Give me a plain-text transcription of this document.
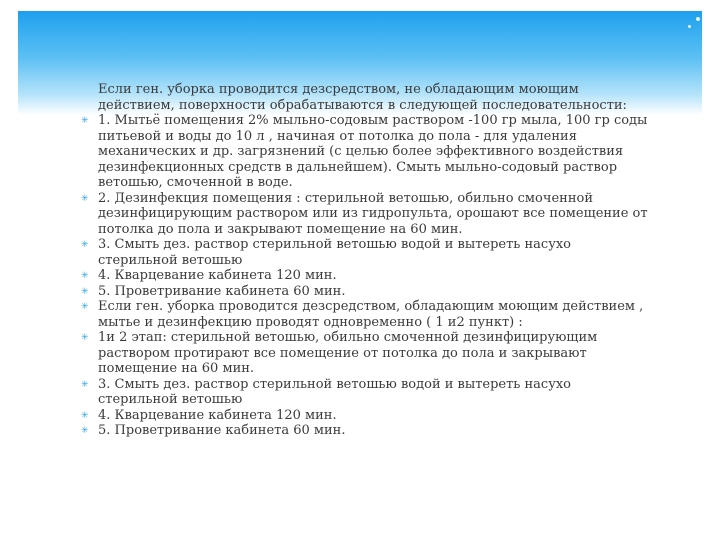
Если ген. уборка проводится дезсредством, не обладающим моющим действием, поверхности обрабатываются в следующей последовательности:
✳ 1. Мытьё помещения 2% мыльно-содовым раствором -100 гр мыла, 100 гр соды питьевой и воды до 10 л , начиная от потолка до пола - для удаления механических и др. загрязнений (с целью более эффективного воздействия дезинфекционных средств в дальнейшем). Смыть мыльно-содовый раствор ветошью, смоченной в воде.
✳ 2. Дезинфекция помещения : стерильной ветошью, обильно смоченной дезинфицирующим раствором или из гидропульта, орошают все помещение от потолка до пола и закрывают помещение на 60 мин.
✳ 3. Смыть дез. раствор стерильной ветошью водой и вытереть насухо стерильной ветошью
✳ 4. Кварцевание кабинета 120 мин.
✳ 5. Проветривание кабинета 60 мин.
✳ Если ген. уборка проводится дезсредством, обладающим моющим действием , мытье и дезинфекцию проводят одновременно ( 1 и2 пункт) :
✳ 1и 2 этап: стерильной ветошью, обильно смоченной дезинфицирующим раствором протирают все помещение от потолка до пола и закрывают помещение на 60 мин.
✳ 3. Смыть дез. раствор стерильной ветошью водой и вытереть насухо стерильной ветошью
✳ 4. Кварцевание кабинета 120 мин.
✳ 5. Проветривание кабинета 60 мин.
